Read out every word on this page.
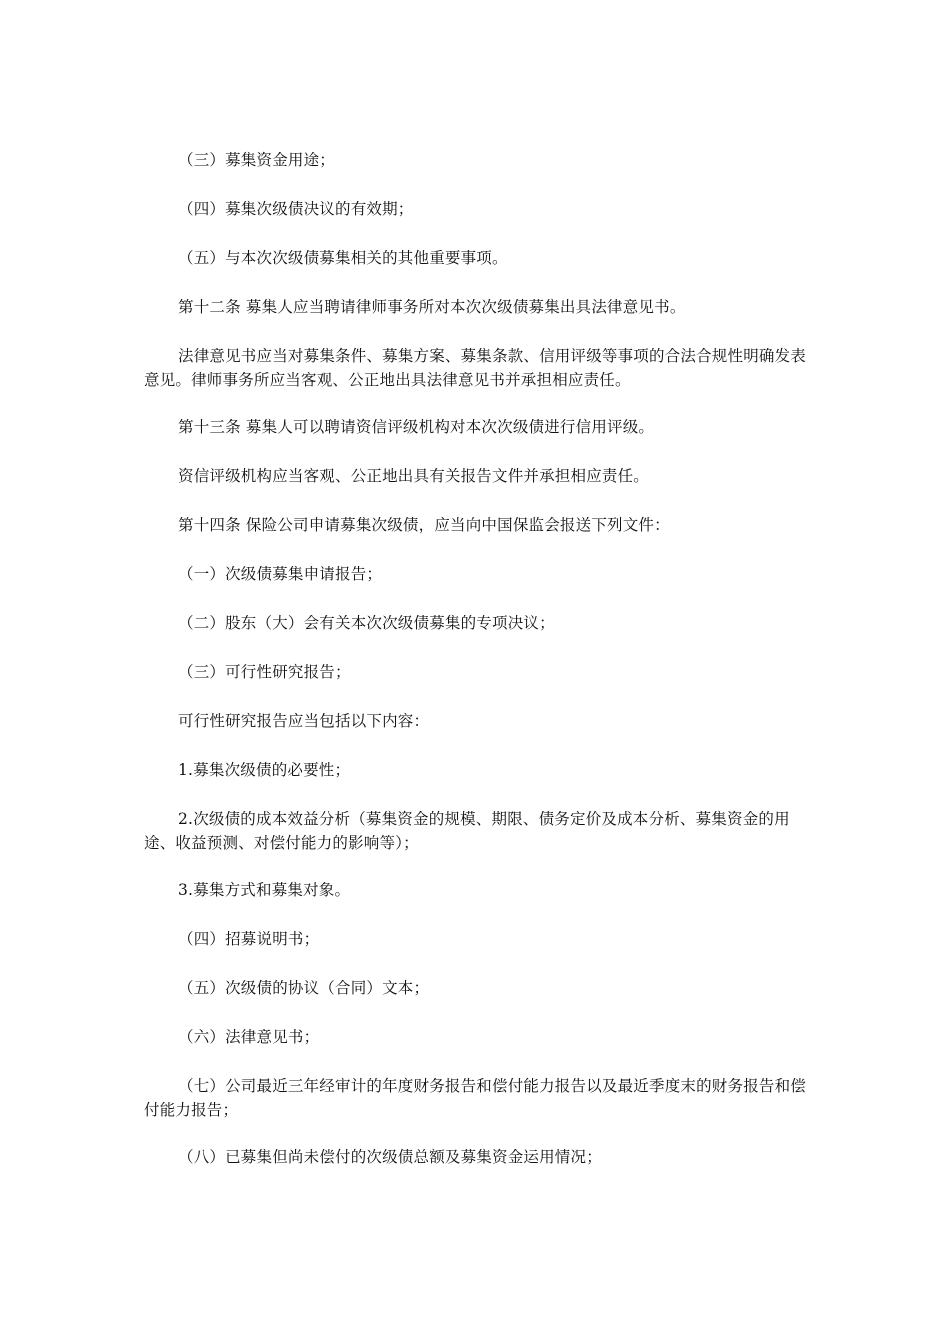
（三）募集资金用途；

（四）募集次级债决议的有效期；

（五）与本次次级债募集相关的其他重要事项。

第十二条 募集人应当聘请律师事务所对本次次级债募集出具法律意见书。

法律意见书应当对募集条件、募集方案、募集条款、信用评级等事项的合法合规性明确发表意见。律师事务所应当客观、公正地出具法律意见书并承担相应责任。

第十三条 募集人可以聘请资信评级机构对本次次级债进行信用评级。

资信评级机构应当客观、公正地出具有关报告文件并承担相应责任。

第十四条 保险公司申请募集次级债，应当向中国保监会报送下列文件：

（一）次级债募集申请报告；

（二）股东（大）会有关本次次级债募集的专项决议；

（三）可行性研究报告；

可行性研究报告应当包括以下内容：

1.募集次级债的必要性；

2.次级债的成本效益分析（募集资金的规模、期限、债务定价及成本分析、募集资金的用途、收益预测、对偿付能力的影响等）；

3.募集方式和募集对象。

（四）招募说明书；

（五）次级债的协议（合同）文本；

（六）法律意见书；

（七）公司最近三年经审计的年度财务报告和偿付能力报告以及最近季度末的财务报告和偿付能力报告；

（八）已募集但尚未偿付的次级债总额及募集资金运用情况；
